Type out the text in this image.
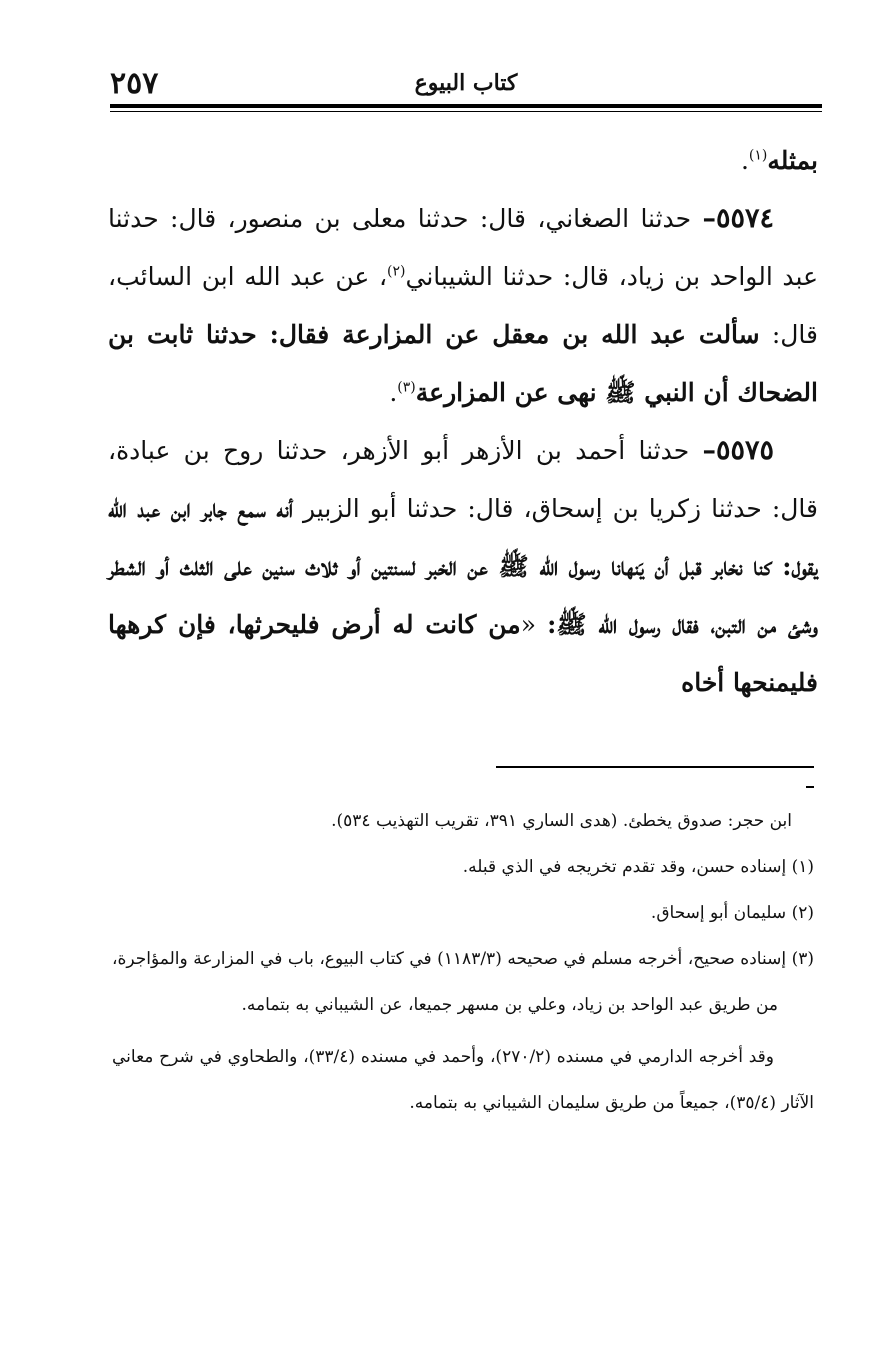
كتاب البيوع
٢٥٧

بمثله$^{(١)}$.

٥٥٧٤– حدثنا الصغاني، قال: حدثنا معلى بن منصور، قال: حدثنا عبد الواحد بن زياد، قال: حدثنا الشيباني$^{(٢)}$، عن عبد الله ابن السائب، قال: سألت عبد الله بن معقل عن المزارعة فقال: حدثنا ثابت بن الضحاك أن النبي ﷺ نهى عن المزارعة$^{(٣)}$.

٥٥٧٥– حدثنا أحمد بن الأزهر أبو الأزهر، حدثنا روح بن عبادة، قال: حدثنا زكريا بن إسحاق، قال: حدثنا أبو الزبير أنه سمع جابر ابن عبد الله يقول: كنا نخابر قبل أن يَنهانا رسول الله ﷺ عن الخبر لسنتين أو ثلاث سنين على الثلث أو الشطر وشئ من التبن، فقال رسول الله ﷺ: «من كانت له أرض فليحرثها، فإن كرهها فليمنحها أخاه

ابن حجر: صدوق يخطئ. (هدى الساري ٣٩١، تقريب التهذيب ٥٣٤).

(١) إسناده حسن، وقد تقدم تخريجه في الذي قبله.

(٢) سليمان أبو إسحاق.

(٣) إسناده صحيح، أخرجه مسلم في صحيحه (١١٨٣/٣) في كتاب البيوع، باب في المزارعة والمؤاجرة، من طريق عبد الواحد بن زياد، وعلي بن مسهر جميعا، عن الشيباني به بتمامه.

وقد أخرجه الدارمي في مسنده (٢٧٠/٢)، وأحمد في مسنده (٣٣/٤)، والطحاوي في شرح معاني الآثار (٣٥/٤)، جميعاً من طريق سليمان الشيباني به بتمامه.
